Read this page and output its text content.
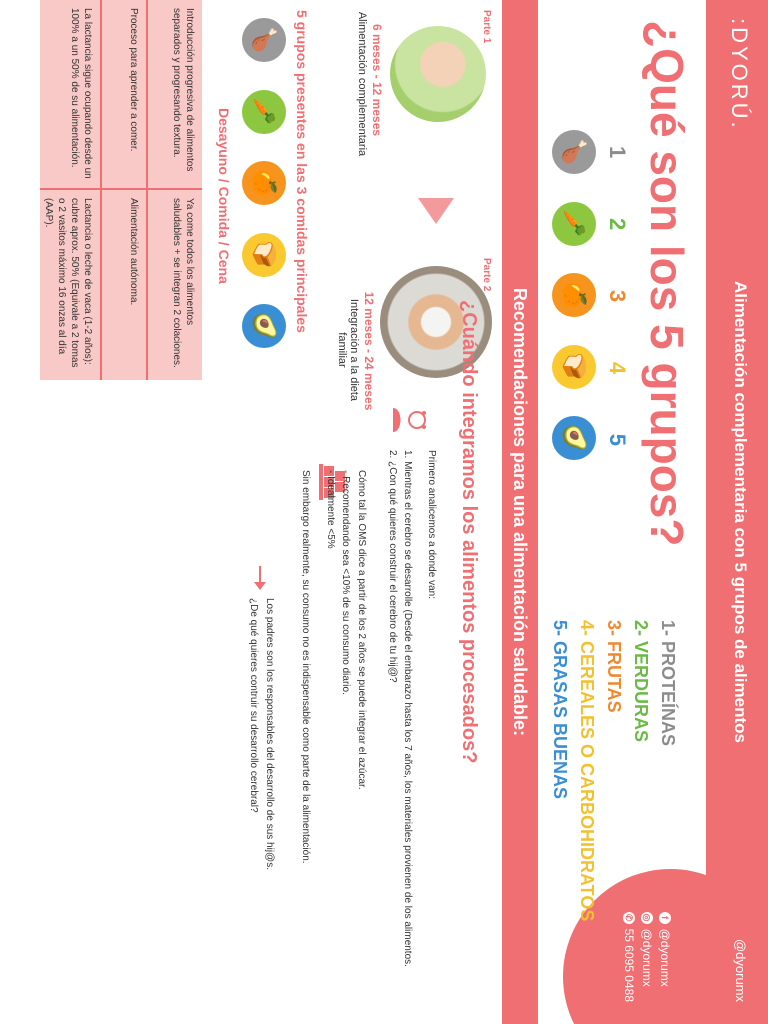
:DYORÚ.
Alimentación complementaria con 5 grupos de alimentos
@dyorumx
f
@dyorumx
◎
@dyorumx
✆
55 6095 0488
¿Qué son los 5 grupos?
1
2
3
4
5
🍗
🥕
🍊
🍞
🥑
1- PROTEÍNAS
2- VERDURAS
3- FRUTAS
4- CEREALES O CARBOHIDRATOS
5- GRASAS BUENAS
Recomendaciones para una alimentación saludable:
Parte 1
6 meses - 12 meses
Alimentación complementaria
Parte 2
12 meses - 24 meses
Integración a la dieta familiar
5 grupos presentes en las 3 comidas principales
🍗
🥕
🍊
🍞
🥑
Desayuno / Comida / Cena
Introducción progresiva de alimentos separados y progresando textura.
Ya come todos los alimentos saludables + se integran 2 colaciones.
Proceso para aprender a comer.
Alimentación autónoma.
La lactancia sigue ocupando desde un 100% a un 50% de su alimentación.
Lactancia o leche de vaca (1-2 años): cubre aprox. 50% (Equivale a 2 tomas o 2 vasitos máximo 16 onzas al día (AAP).
¿Cuándo integramos los alimentos procesados?
Primero analicemos a donde van:
1. Mientras el cerebro se desarrolle (Desde el embarazo hasta los 7 años, los materiales provienen de los alimentos.
2. ¿Con qué quieres construir el cerebro de tu hij@?
Cómo tal la OMS dice a partir de los 2 años se puede integrar el azúcar.
- Recomendando sea <10% de su consumo diario.
- Idealmente <5%
Sin embargo realmente, su consumo no es indispensable como parte de la alimentación.
Los padres son los responsables del desarrollo de sus hij@s.
¿De qué quieres contruir su desarrollo cerebral?
